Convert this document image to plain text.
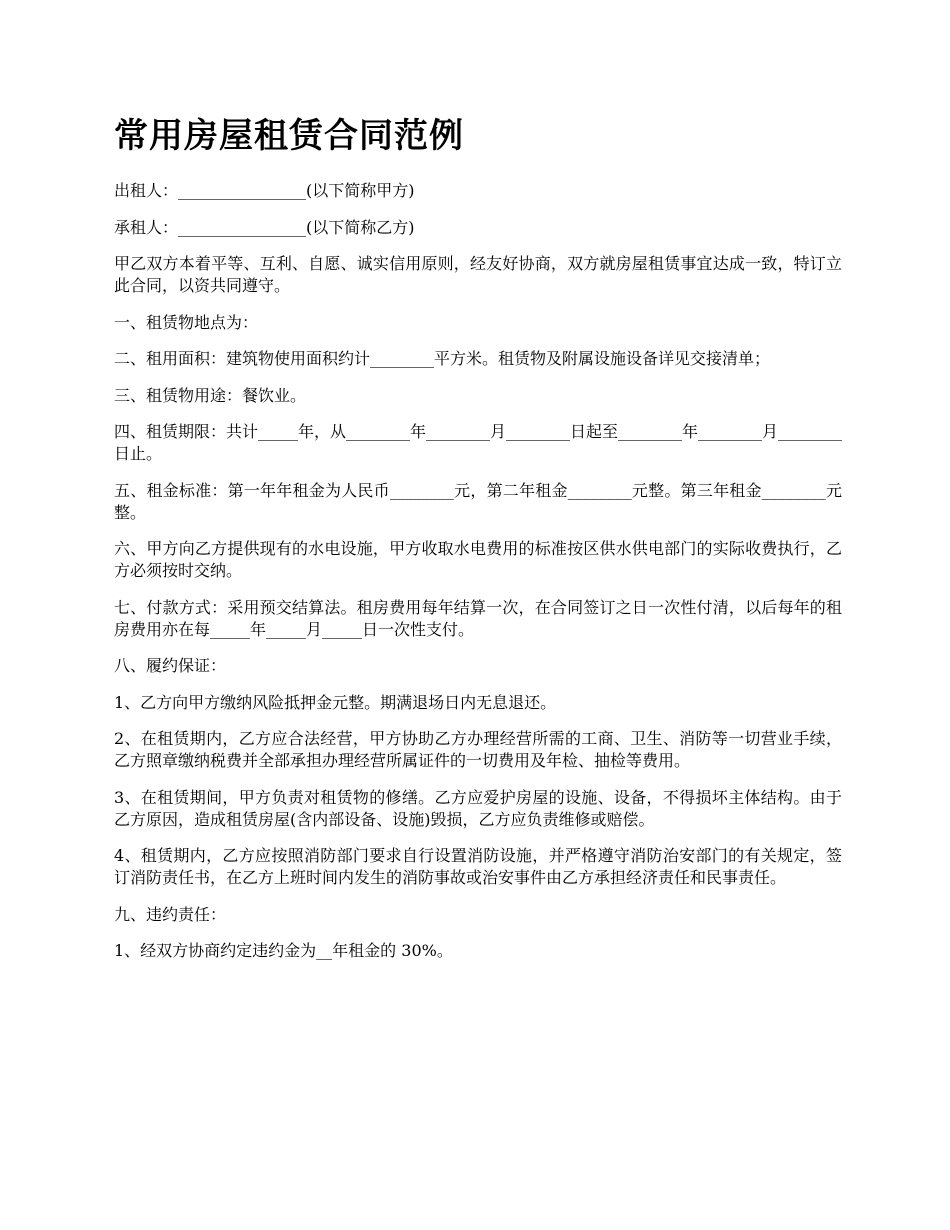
常用房屋租赁合同范例

出租人：________________(以下简称甲方)

承租人：________________(以下简称乙方)

甲乙双方本着平等、互利、自愿、诚实信用原则，经友好协商，双方就房屋租赁事宜达成一致，特订立此合同，以资共同遵守。

一、租赁物地点为：

二、租用面积：建筑物使用面积约计________平方米。租赁物及附属设施设备详见交接清单；

三、租赁物用途：餐饮业。

四、租赁期限：共计_____年，从________年________月________日起至________年________月________日止。

五、租金标准：第一年年租金为人民币________元，第二年租金________元整。第三年租金________元整。

六、甲方向乙方提供现有的水电设施，甲方收取水电费用的标准按区供水供电部门的实际收费执行，乙方必须按时交纳。

七、付款方式：采用预交结算法。租房费用每年结算一次，在合同签订之日一次性付清，以后每年的租房费用亦在每_____年_____月_____日一次性支付。

八、履约保证：

1、乙方向甲方缴纳风险抵押金元整。期满退场日内无息退还。

2、在租赁期内，乙方应合法经营，甲方协助乙方办理经营所需的工商、卫生、消防等一切营业手续，乙方照章缴纳税费并全部承担办理经营所属证件的一切费用及年检、抽检等费用。

3、在租赁期间，甲方负责对租赁物的修缮。乙方应爱护房屋的设施、设备，不得损坏主体结构。由于乙方原因，造成租赁房屋(含内部设备、设施)毁损，乙方应负责维修或赔偿。

4、租赁期内，乙方应按照消防部门要求自行设置消防设施，并严格遵守消防治安部门的有关规定，签订消防责任书，在乙方上班时间内发生的消防事故或治安事件由乙方承担经济责任和民事责任。

九、违约责任：

1、经双方协商约定违约金为__年租金的 30%。
